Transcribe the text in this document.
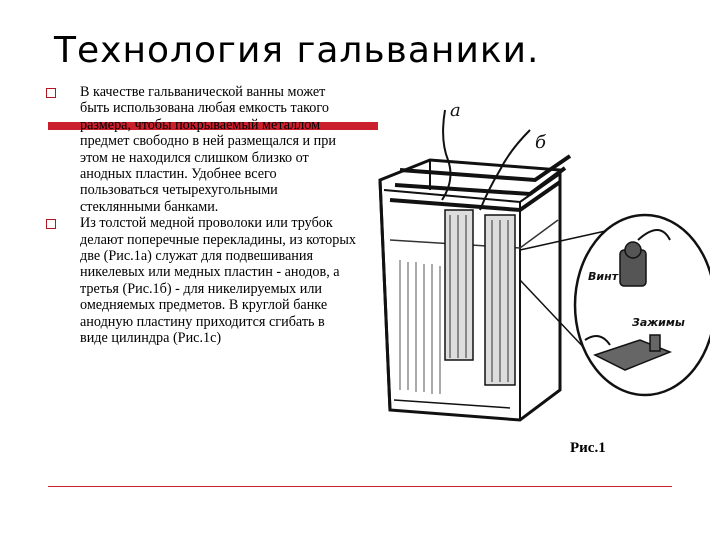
Технология гальваники.
В качестве гальванической ванны может быть использована любая емкость такого размера, чтобы покрываемый металлом предмет свободно в ней размещался и при этом не находился слишком близко от анодных пластин. Удобнее всего пользоваться четырехугольными стеклянными банками.
Из толстой медной проволоки или трубок делают поперечные перекладины, из которых две (Рис.1а) служат для подвешивания никелевых или медных пластин - анодов, а третья (Рис.1б) - для никелируемых или омедняемых предметов. В круглой банке анодную пластину приходится сгибать в виде цилиндра (Рис.1с)
а
б
Винт
Зажимы
Рис.1
